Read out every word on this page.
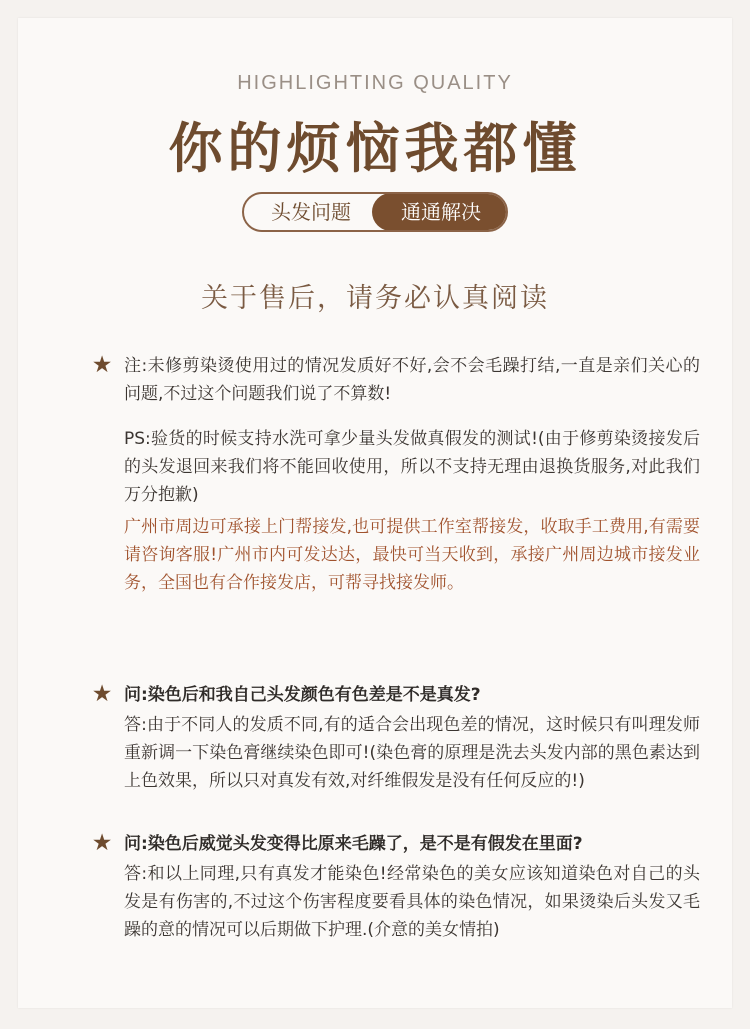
HIGHLIGHTING QUALITY
你的烦恼我都懂
头发问题	通通解决
关于售后，请务必认真阅读
★ 注:未修剪染烫使用过的情况发质好不好,会不会毛躁打结,一直是亲们关心的问题,不过这个问题我们说了不算数!

PS:验货的时候支持水洗可拿少量头发做真假发的测试!(由于修剪染烫接发后的头发退回来我们将不能回收使用，所以不支持无理由退换货服务,对此我们万分抱歉)

广州市周边可承接上门帮接发,也可提供工作室帮接发，收取手工费用,有需要请咨询客服!广州市内可发达达，最快可当天收到，承接广州周边城市接发业务，全国也有合作接发店，可帮寻找接发师。

★ 问:染色后和我自己头发颜色有色差是不是真发?
答:由于不同人的发质不同,有的适合会出现色差的情况，这时候只有叫理发师重新调一下染色膏继续染色即可!(染色膏的原理是洗去头发内部的黑色素达到上色效果，所以只对真发有效,对纤维假发是没有任何反应的!)
★ 问:染色后威觉头发变得比原来毛躁了，是不是有假发在里面?
答:和以上同理,只有真发才能染色!经常染色的美女应该知道染色对自己的头发是有伤害的,不过这个伤害程度要看具体的染色情况，如果烫染后头发又毛躁的意的情况可以后期做下护理.(介意的美女情拍)
